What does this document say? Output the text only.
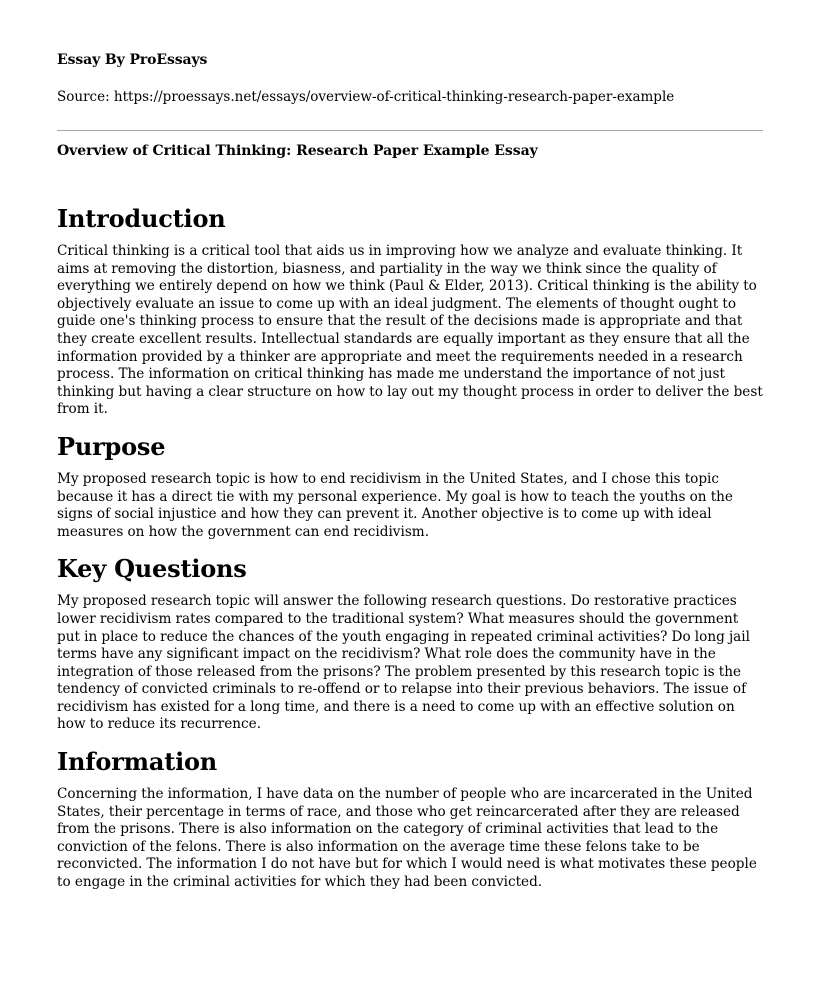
Essay By ProEssays
Source: https://proessays.net/essays/overview-of-critical-thinking-research-paper-example
Overview of Critical Thinking: Research Paper Example Essay
Introduction

Critical thinking is a critical tool that aids us in improving how we analyze and evaluate thinking. It aims at removing the distortion, biasness, and partiality in the way we think since the quality of everything we entirely depend on how we think (Paul & Elder, 2013). Critical thinking is the ability to objectively evaluate an issue to come up with an ideal judgment. The elements of thought ought to guide one's thinking process to ensure that the result of the decisions made is appropriate and that they create excellent results. Intellectual standards are equally important as they ensure that all the information provided by a thinker are appropriate and meet the requirements needed in a research process. The information on critical thinking has made me understand the importance of not just thinking but having a clear structure on how to lay out my thought process in order to deliver the best from it.

Purpose

My proposed research topic is how to end recidivism in the United States, and I chose this topic because it has a direct tie with my personal experience. My goal is how to teach the youths on the signs of social injustice and how they can prevent it. Another objective is to come up with ideal measures on how the government can end recidivism.

Key Questions

My proposed research topic will answer the following research questions. Do restorative practices lower recidivism rates compared to the traditional system? What measures should the government put in place to reduce the chances of the youth engaging in repeated criminal activities? Do long jail terms have any significant impact on the recidivism? What role does the community have in the integration of those released from the prisons? The problem presented by this research topic is the tendency of convicted criminals to re-offend or to relapse into their previous behaviors. The issue of recidivism has existed for a long time, and there is a need to come up with an effective solution on how to reduce its recurrence.

Information

Concerning the information, I have data on the number of people who are incarcerated in the United States, their percentage in terms of race, and those who get reincarcerated after they are released from the prisons. There is also information on the category of criminal activities that lead to the conviction of the felons. There is also information on the average time these felons take to be reconvicted. The information I do not have but for which I would need is what motivates these people to engage in the criminal activities for which they had been convicted.
